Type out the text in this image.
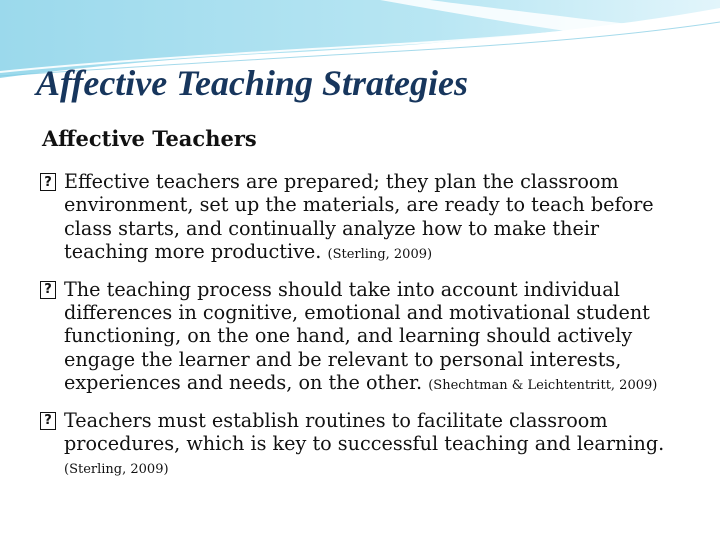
Affective Teaching Strategies
Affective Teachers
? Effective teachers are prepared; they plan the classroom environment, set up the materials, are ready to teach before class starts, and continually analyze how to make their teaching more productive. (Sterling, 2009)
? The teaching process should take into account individual differences in cognitive, emotional and motivational student functioning, on the one hand, and learning should actively engage the learner and be relevant to personal interests, experiences and needs, on the other. (Shechtman & Leichtentritt, 2009)
? Teachers must establish routines to facilitate classroom procedures, which is key to successful teaching and learning. (Sterling, 2009)
